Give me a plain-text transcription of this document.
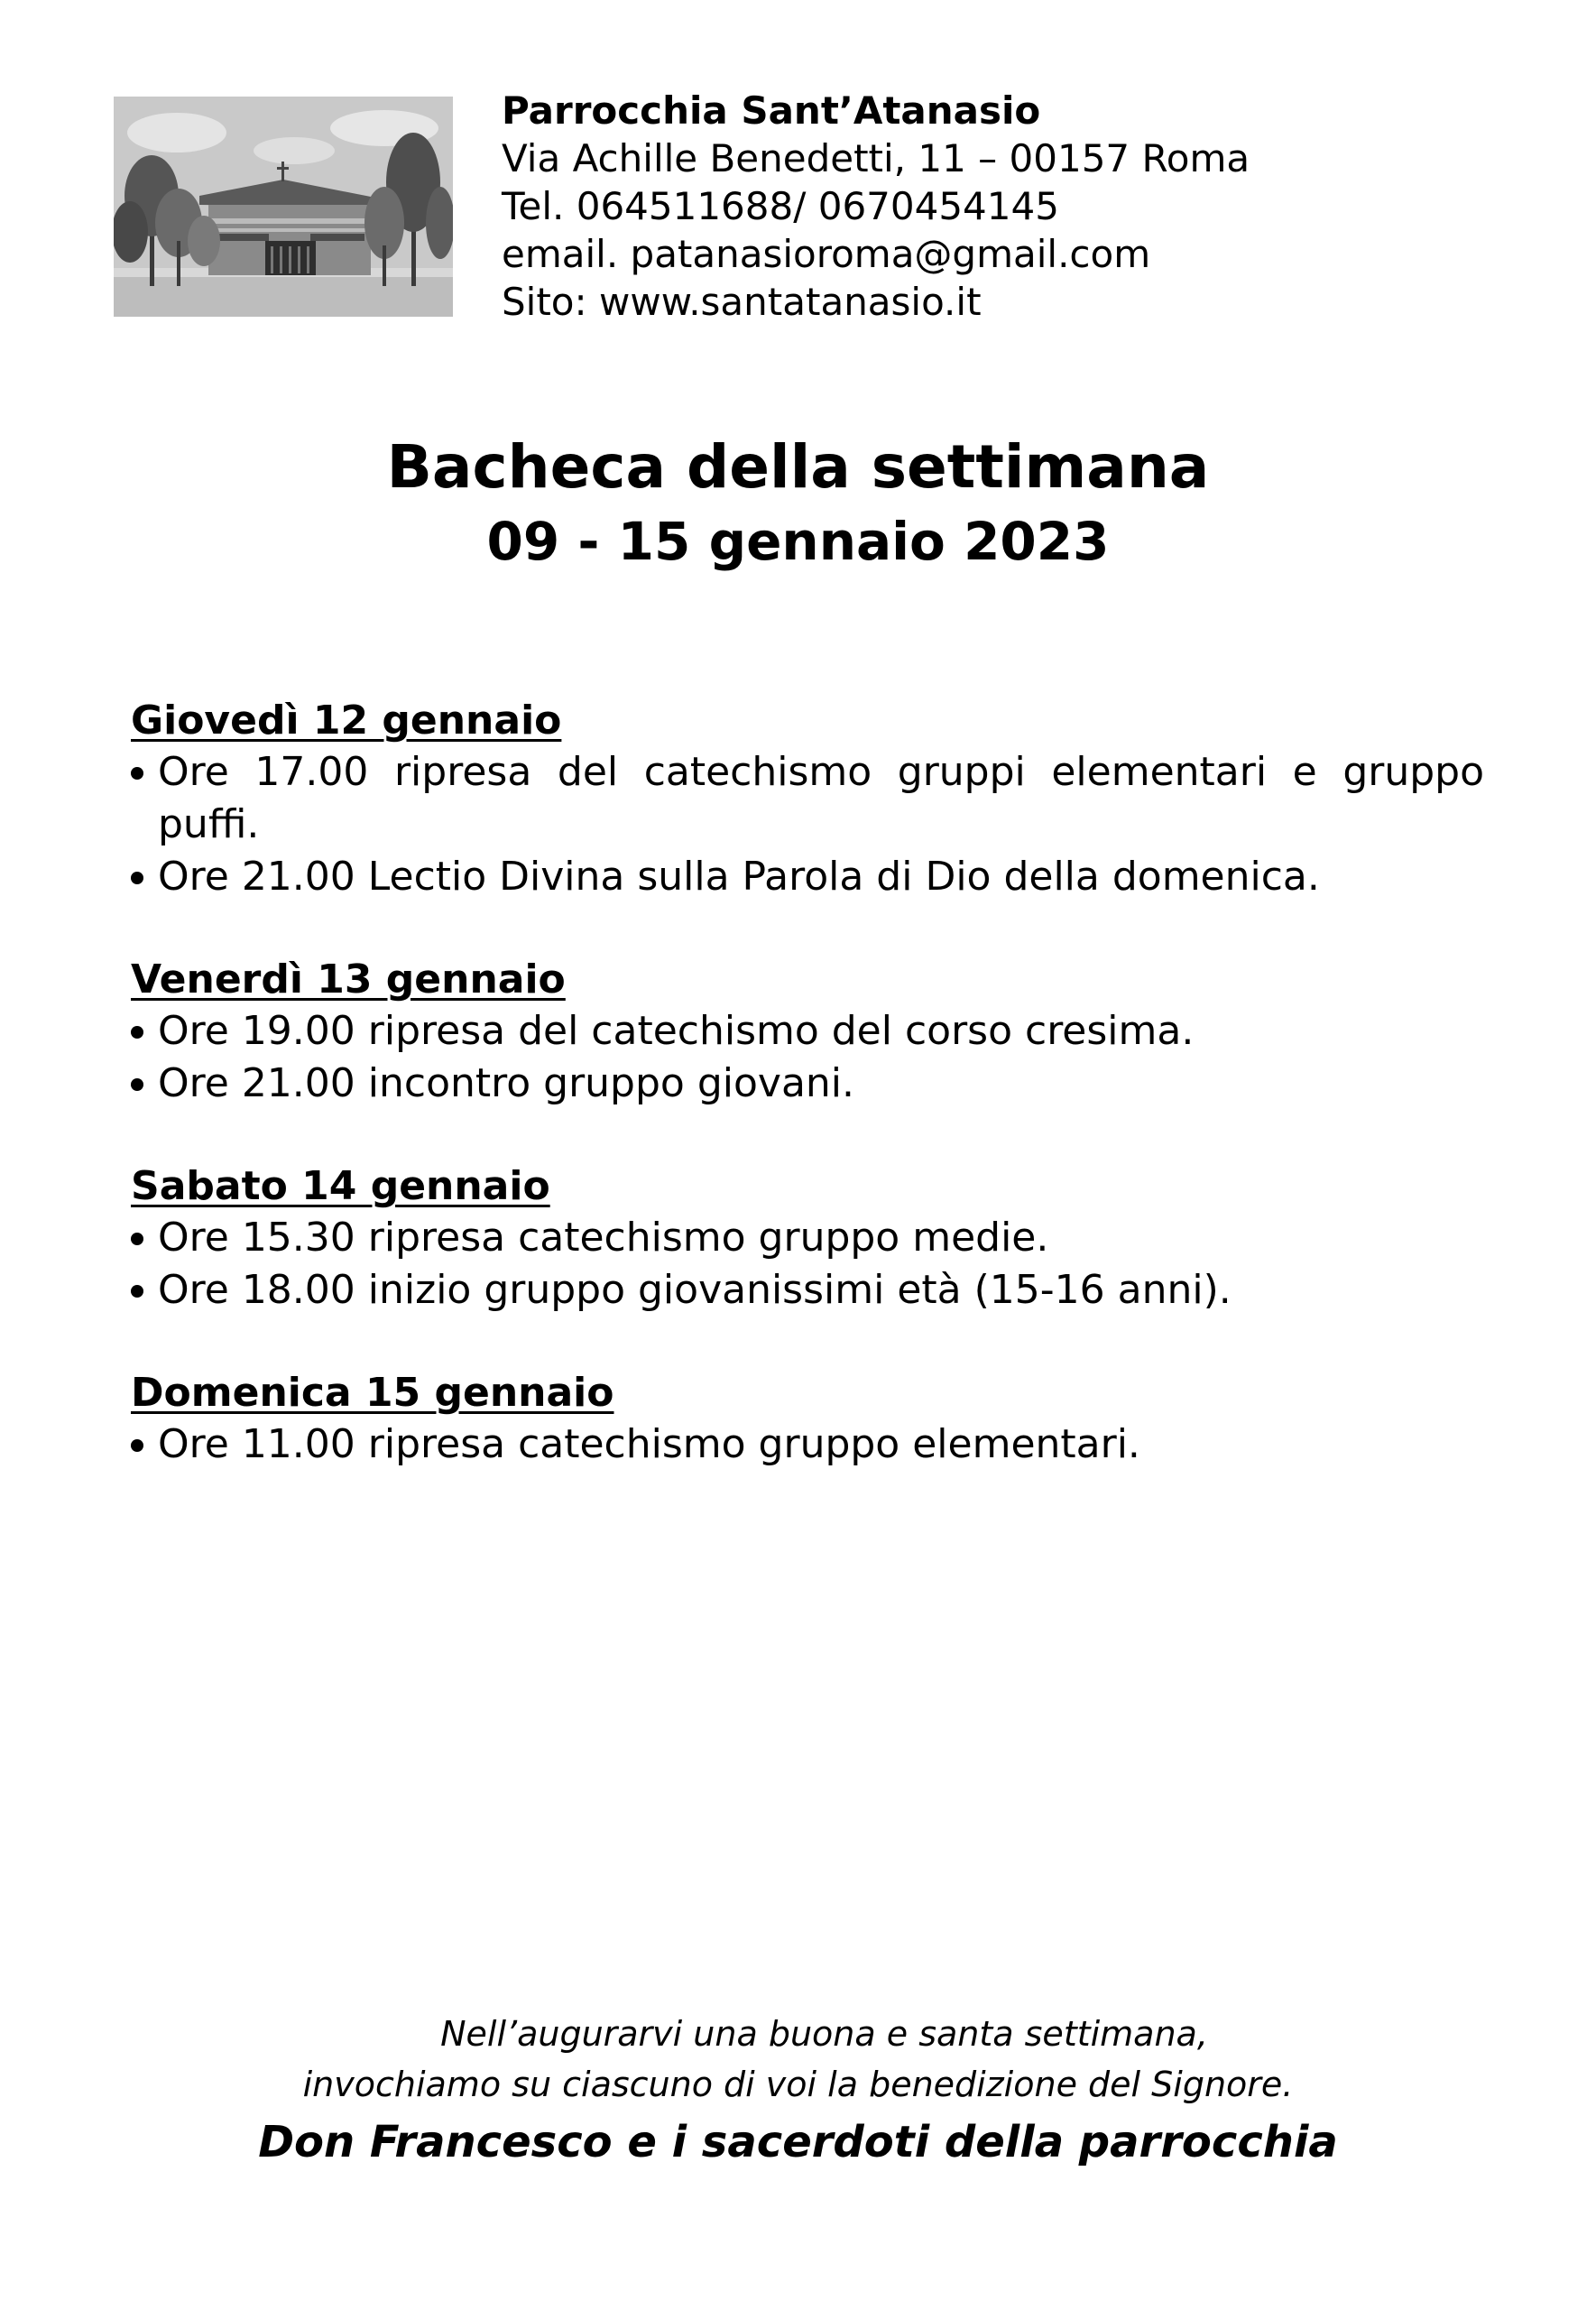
Parrocchia Sant’Atanasio
Via Achille Benedetti, 11 – 00157 Roma
Tel. 064511688/ 0670454145
email. patanasioroma@gmail.com
Sito: www.santatanasio.it
Bacheca della settimana
09 - 15 gennaio 2023
Giovedì 12 gennaio
Ore 17.00 ripresa del catechismo gruppi elementari e gruppo puffi.
Ore 21.00 Lectio Divina sulla Parola di Dio della domenica.
Venerdì 13 gennaio
Ore 19.00 ripresa del catechismo del corso cresima.
Ore 21.00 incontro gruppo giovani.
Sabato 14 gennaio
Ore 15.30 ripresa catechismo gruppo medie.
Ore 18.00 inizio gruppo giovanissimi età (15-16 anni).
Domenica 15 gennaio
Ore 11.00 ripresa catechismo gruppo elementari.
Nell’augurarvi una buona e santa settimana,
invochiamo su ciascuno di voi la benedizione del Signore.
Don Francesco e i sacerdoti della parrocchia
